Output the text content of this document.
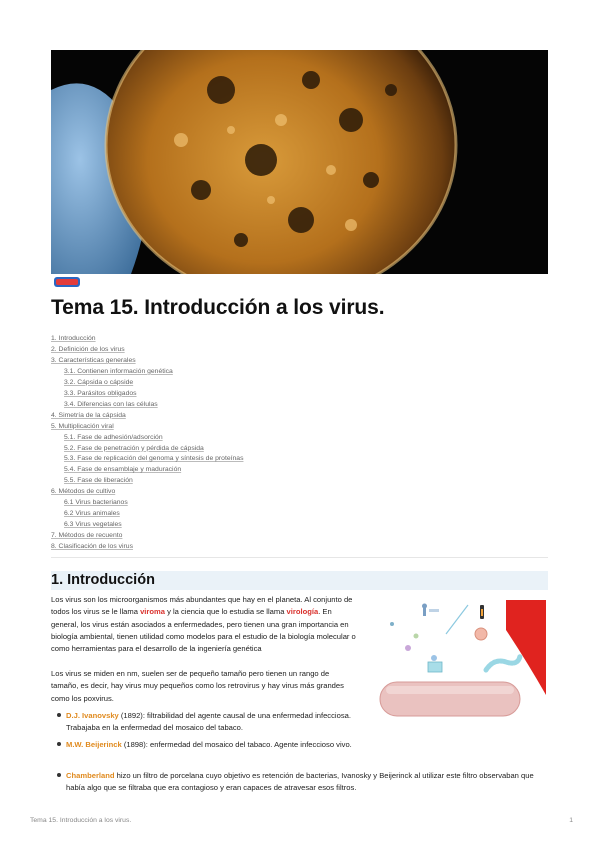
Tema 15. Introducción a los virus.
1. Introducción
2. Definición de los virus
3. Características generales
3.1. Contienen información genética
3.2. Cápsida o cápside
3.3. Parásitos obligados
3.4. Diferencias con las células
4. Simetría de la cápsida
5. Multiplicación viral
5.1. Fase de adhesión/adsorción
5.2. Fase de penetración y pérdida de cápsida
5.3. Fase de replicación del genoma y síntesis de proteínas
5.4. Fase de ensamblaje y maduración
5.5. Fase de liberación
6. Métodos de cultivo
6.1 Virus bacterianos
6.2 Virus animales
6.3 Virus vegetales
7. Métodos de recuento
8. Clasificación de los virus
1. Introducción

Los virus son los microorganismos más abundantes que hay en el planeta. Al conjunto de todos los virus se le llama viroma y la ciencia que lo estudia se llama virología. En general, los virus están asociados a enfermedades, pero tienen una gran importancia en biología ambiental, tienen utilidad como modelos para el estudio de la biología molecular o como herramientas para el desarrollo de la ingeniería genética

Los virus se miden en nm, suelen ser de pequeño tamaño pero tienen un rango de tamaño, es decir, hay virus muy pequeños como los retrovirus y hay virus más grandes como los poxvirus.

D.J. Ivanovsky (1892): filtrabilidad del agente causal de una enfermedad infecciosa. Trabajaba en la enfermedad del mosaico del tabaco.

M.W. Beijerinck (1898): enfermedad del mosaico del tabaco. Agente infeccioso vivo.

Chamberland hizo un filtro de porcelana cuyo objetivo es retención de bacterias, Ivanosky y Beijerinck al utilizar este filtro observaban que había algo que se filtraba que era contagioso y eran capaces de atravesar esos filtros.

Tema 15. Introducción a los virus.	1
